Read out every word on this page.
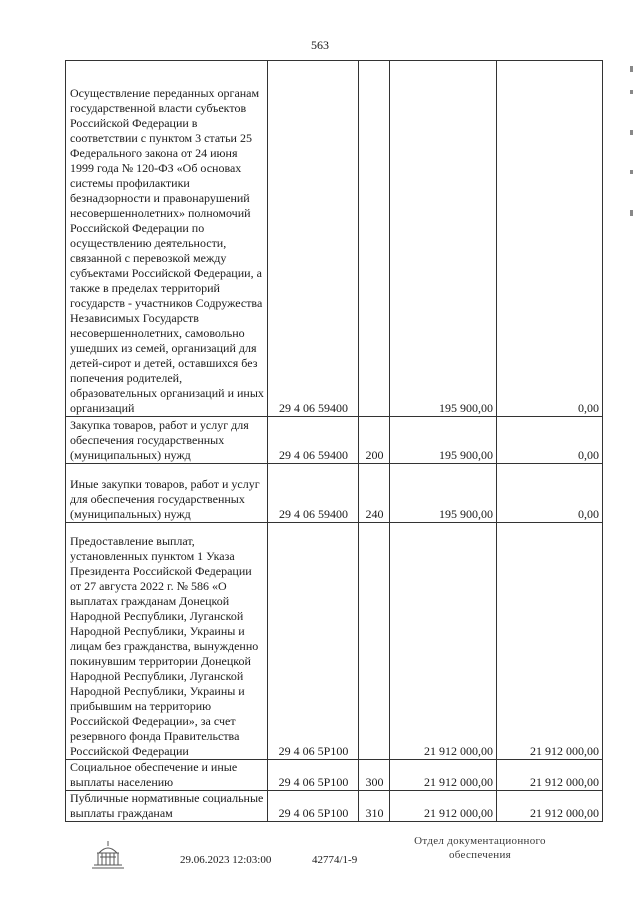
563
Осуществление переданных органам государственной власти субъектов Российской Федерации в соответствии с пунктом 3 статьи 25 Федерального закона от 24 июня 1999 года № 120-ФЗ «Об основах системы профилактики безнадзорности и правонарушений несовершеннолетних» полномочий Российской Федерации по осуществлению деятельности, связанной с перевозкой между субъектами Российской Федерации, а также в пределах территорий государств - участников Содружества Независимых Государств несовершеннолетних, самовольно ушедших из семей, организаций для детей-сирот и детей, оставшихся без попечения родителей, образовательных организаций и иных организаций	29 4 06 59400		195 900,00	0,00
Закупка товаров, работ и услуг для обеспечения государственных (муниципальных) нужд	29 4 06 59400	200	195 900,00	0,00
Иные закупки товаров, работ и услуг для обеспечения государственных (муниципальных) нужд	29 4 06 59400	240	195 900,00	0,00
Предоставление выплат, установленных пунктом 1 Указа Президента Российской Федерации от 27 августа 2022 г. № 586 «О выплатах гражданам Донецкой Народной Республики, Луганской Народной Республики, Украины и лицам без гражданства, вынужденно покинувшим территории Донецкой Народной Республики, Луганской Народной Республики, Украины и прибывшим на территорию Российской Федерации», за счет резервного фонда Правительства Российской Федерации	29 4 06 5Р100		21 912 000,00	21 912 000,00
Социальное обеспечение и иные выплаты населению	29 4 06 5Р100	300	21 912 000,00	21 912 000,00
Публичные нормативные социальные выплаты гражданам	29 4 06 5Р100	310	21 912 000,00	21 912 000,00
29.06.2023 12:03:00	42774/1-9
Отдел документационного
обеспечения
